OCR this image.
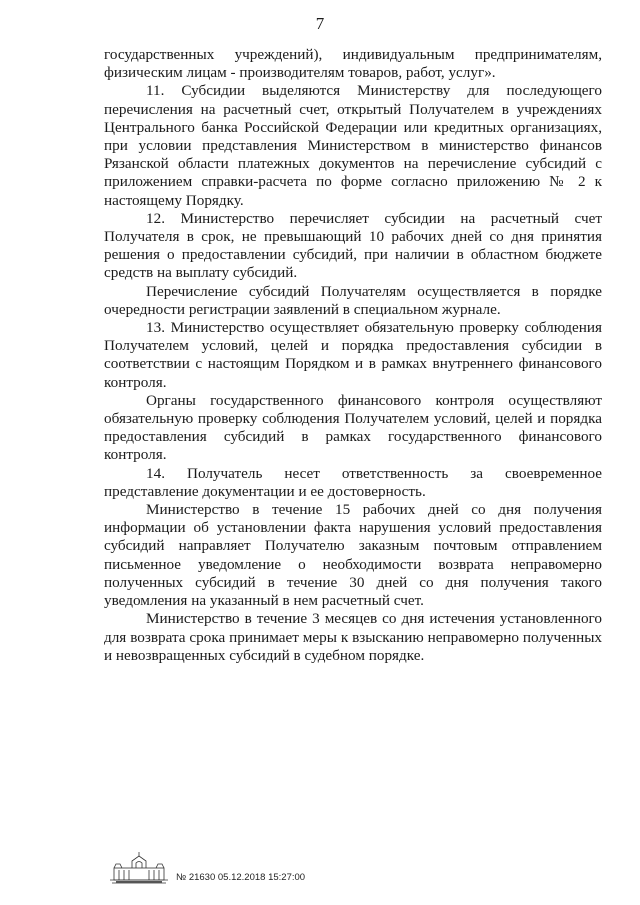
7

государственных учреждений), индивидуальным предпринимателям, физическим лицам - производителям товаров, работ, услуг».

11. Субсидии выделяются Министерству для последующего перечисления на расчетный счет, открытый Получателем в учреждениях Центрального банка Российской Федерации или кредитных организациях, при условии представления Министерством в министерство финансов Рязанской области платежных документов на перечисление субсидий с приложением справки-расчета по форме согласно приложению № 2 к настоящему Порядку.

12. Министерство перечисляет субсидии на расчетный счет Получателя в срок, не превышающий 10 рабочих дней со дня принятия решения о предоставлении субсидий, при наличии в областном бюджете средств на выплату субсидий.

Перечисление субсидий Получателям осуществляется в порядке очередности регистрации заявлений в специальном журнале.

13. Министерство осуществляет обязательную проверку соблюдения Получателем условий, целей и порядка предоставления субсидии в соответствии с настоящим Порядком и в рамках внутреннего финансового контроля.

Органы государственного финансового контроля осуществляют обязательную проверку соблюдения Получателем условий, целей и порядка предоставления субсидий в рамках государственного финансового контроля.

14. Получатель несет ответственность за своевременное представление документации и ее достоверность.

Министерство в течение 15 рабочих дней со дня получения информации об установлении факта нарушения условий предоставления субсидий направляет Получателю заказным почтовым отправлением письменное уведомление о необходимости возврата неправомерно полученных субсидий в течение 30 дней со дня получения такого уведомления на указанный в нем расчетный счет.

Министерство в течение 3 месяцев со дня истечения установленного для возврата срока принимает меры к взысканию неправомерно полученных и невозвращенных субсидий в судебном порядке.

№ 21630 05.12.2018 15:27:00
